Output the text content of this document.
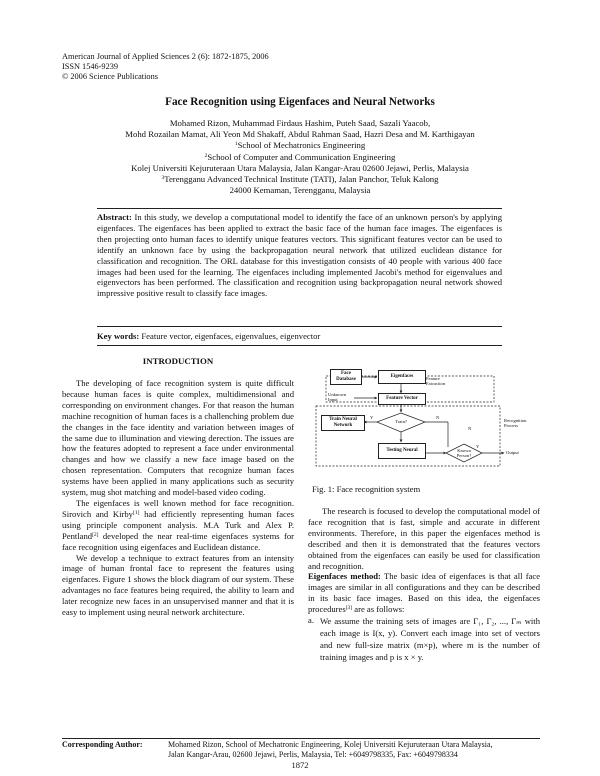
American Journal of Applied Sciences 2 (6): 1872-1875, 2006
ISSN 1546-9239
© 2006 Science Publications
Face Recognition using Eigenfaces and Neural Networks
Mohamed Rizon, Muhammad Firdaus Hashim, Puteh Saad, Sazali Yaacob,
Mohd Rozailan Mamat, Ali Yeon Md Shakaff, Abdul Rahman Saad, Hazri Desa and M. Karthigayan
$^1$School of Mechatronics Engineering
$^2$School of Computer and Communication Engineering
Kolej Universiti Kejuruteraan Utara Malaysia, Jalan Kangar-Arau 02600 Jejawi, Perlis, Malaysia
$^3$Terengganu Advanced Technical Institute (TATI), Jalan Panchor, Teluk Kalong
24000 Kemaman, Terengganu, Malaysia
Abstract: In this study, we develop a computational model to identify the face of an unknown person's by applying eigenfaces. The eigenfaces has been applied to extract the basic face of the human face images. The eigenfaces is then projecting onto human faces to identify unique features vectors. This significant features vector can be used to identify an unknown face by using the backpropagation neural network that utilized euclidean distance for classification and recognition. The ORL database for this investigation consists of 40 people with various 400 face images had been used for the learning. The eigenfaces including implemented Jacobi's method for eigenvalues and eigenvectors has been performed. The classification and recognition using backpropagation neural network showed impressive positive result to classify face images.
Key words: Feature vector, eigenfaces, eigenvalues, eigenvector
INTRODUCTION

The developing of face recognition system is quite difficult because human faces is quite complex, multidimensional and corresponding on environment changes. For that reason the human machine recognition of human faces is a challenching problem due the changes in the face identity and variation between images of the same due to illumination and viewing derection. The issues are how the features adopted to represent a face under environmental changes and how we classify a new face image based on the chosen representation. Computers that recognize human faces systems have been applied in many applications such as security system, mug shot matching and model-based video coding.

The eigenfaces is well known method for face recognition. Sirovich and Kirby[1] had efficiently representing human faces using principle component analysis. M.A Turk and Alex P. Pentland[2] developed the near real-time eigenfaces systems for face recognition using eigenfaces and Euclidean distance.

We develop a technique to extract features from an intensity image of human frontal face to represent the features using eigenfaces. Figure 1 shows the block diagram of our system. These advantages no face features being required, the ability to learn and later recognize new faces in an unsupervised manner and that it is easy to implement using neural network architecture.

Face Database
Eigenfaces	Feature Extraction
Unknown Input	Feature Vector
Train Neural Network
Train?
Y	N
Testing Neural	Known Person?
Y
N
Recognition Process
Output
Fig. 1: Face recognition system

The research is focused to develop the computational model of face recognition that is fast, simple and accurate in different environments. Therefore, in this paper the eigenfaces method is described and then it is demonstrated that the features vectors obtained from the eigenfaces can easily be used for classification and recognition.

Eigenfaces method: The basic idea of eigenfaces is that all face images are similar in all configurations and they can be described in its basic face images. Based on this idea, the eigenfaces procedures[3] are as follows:

a. We assume the training sets of images are Γ₁, Γ₂, ..., Γₘ with each image is I(x, y). Convert each image into set of vectors and new full-size matrix (m×p), where m is the number of training images and p is x × y.
Corresponding Author:	Mohamed Rizon, School of Mechatronic Engineering, Kolej Universiti Kejuruteraan Utara Malaysia,
Jalan Kangar-Arau, 02600 Jejawi, Perlis, Malaysia, Tel: +6049798335, Fax: +6049798334
1872
